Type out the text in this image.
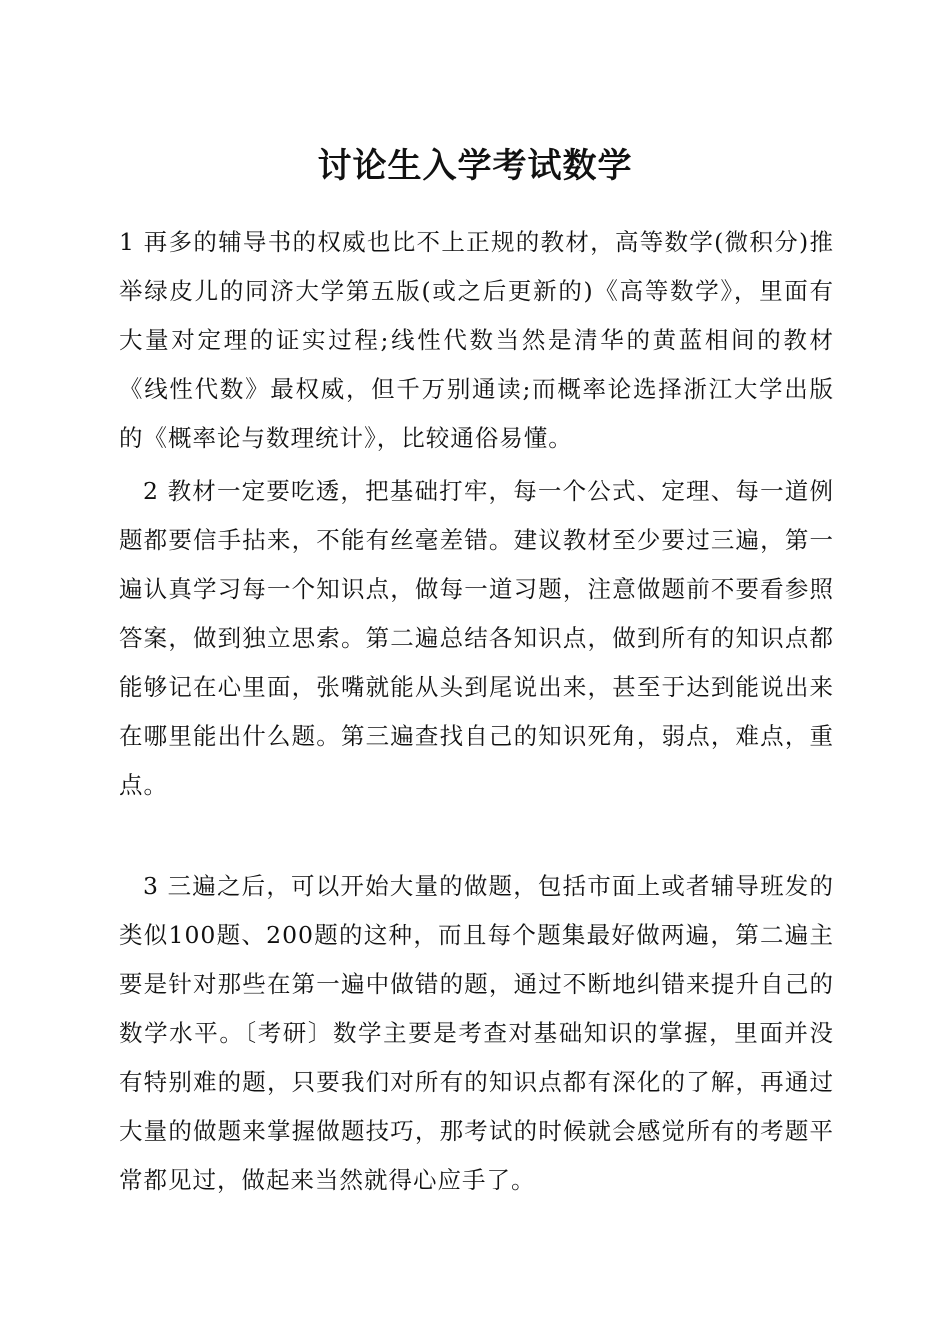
讨论生入学考试数学

1 再多的辅导书的权威也比不上正规的教材，高等数学(微积分)推举绿皮儿的同济大学第五版(或之后更新的)《高等数学》，里面有大量对定理的证实过程;线性代数当然是清华的黄蓝相间的教材《线性代数》最权威，但千万别通读;而概率论选择浙江大学出版的《概率论与数理统计》，比较通俗易懂。

2 教材一定要吃透，把基础打牢，每一个公式、定理、每一道例题都要信手拈来，不能有丝毫差错。建议教材至少要过三遍，第一遍认真学习每一个知识点，做每一道习题，注意做题前不要看参照答案，做到独立思索。第二遍总结各知识点，做到所有的知识点都能够记在心里面，张嘴就能从头到尾说出来，甚至于达到能说出来在哪里能出什么题。第三遍查找自己的知识死角，弱点，难点，重点。

3 三遍之后，可以开始大量的做题，包括市面上或者辅导班发的类似100题、200题的这种，而且每个题集最好做两遍，第二遍主要是针对那些在第一遍中做错的题，通过不断地纠错来提升自己的数学水平。〔考研〕数学主要是考查对基础知识的掌握，里面并没有特别难的题，只要我们对所有的知识点都有深化的了解，再通过大量的做题来掌握做题技巧，那考试的时候就会感觉所有的考题平常都见过，做起来当然就得心应手了。
